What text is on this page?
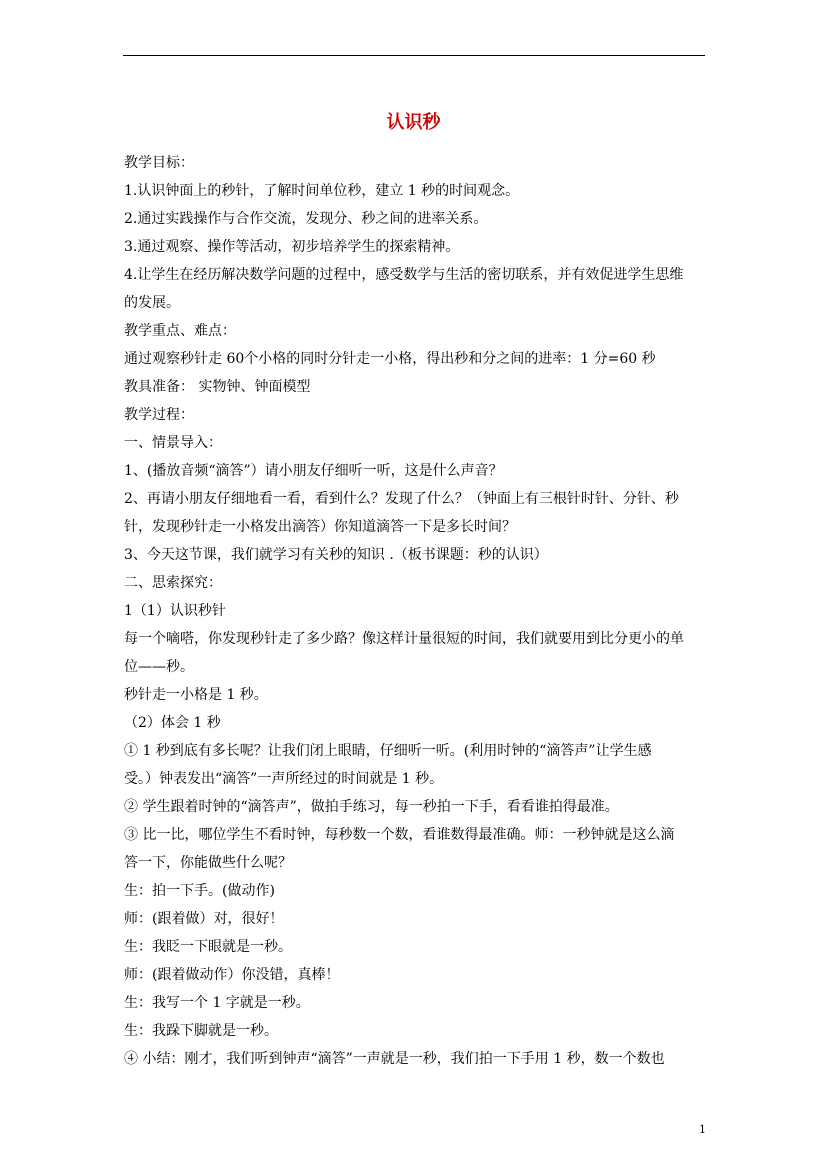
认识秒

教学目标：

1.认识钟面上的秒针，了解时间单位秒，建立 1 秒的时间观念。

2.通过实践操作与合作交流，发现分、秒之间的进率关系。

3.通过观察、操作等活动，初步培养学生的探索精神。

4.让学生在经历解决数学问题的过程中，感受数学与生活的密切联系，并有效促进学生思维

的发展。

教学重点、难点：

通过观察秒针走 60个小格的同时分针走一小格，得出秒和分之间的进率：1 分=60 秒

教具准备： 实物钟、钟面模型

教学过程：

一、情景导入：

1、(播放音频“滴答”）请小朋友仔细听一听，这是什么声音？

2、再请小朋友仔细地看一看，看到什么？发现了什么？（钟面上有三根针时针、分针、秒

针，发现秒针走一小格发出滴答）你知道滴答一下是多长时间？

3、今天这节课，我们就学习有关秒的知识 .（板书课题：秒的认识）

二、思索探究：

1（1）认识秒针

每一个嘀嗒，你发现秒针走了多少路？像这样计量很短的时间，我们就要用到比分更小的单

位——秒。

秒针走一小格是 1 秒。

（2）体会 1 秒

① 1 秒到底有多长呢？让我们闭上眼睛，仔细听一听。(利用时钟的“滴答声”让学生感

受。）钟表发出“滴答”一声所经过的时间就是 1 秒。

② 学生跟着时钟的“滴答声”，做拍手练习，每一秒拍一下手，看看谁拍得最准。

③ 比一比，哪位学生不看时钟，每秒数一个数，看谁数得最准确。师：一秒钟就是这么滴

答一下，你能做些什么呢？

生：拍一下手。(做动作)

师：(跟着做）对，很好！

生：我眨一下眼就是一秒。

师：(跟着做动作）你没错，真棒！

生：我写一个 1 字就是一秒。

生：我跺下脚就是一秒。

④ 小结：刚才，我们听到钟声“滴答”一声就是一秒，我们拍一下手用 1 秒，数一个数也

1
